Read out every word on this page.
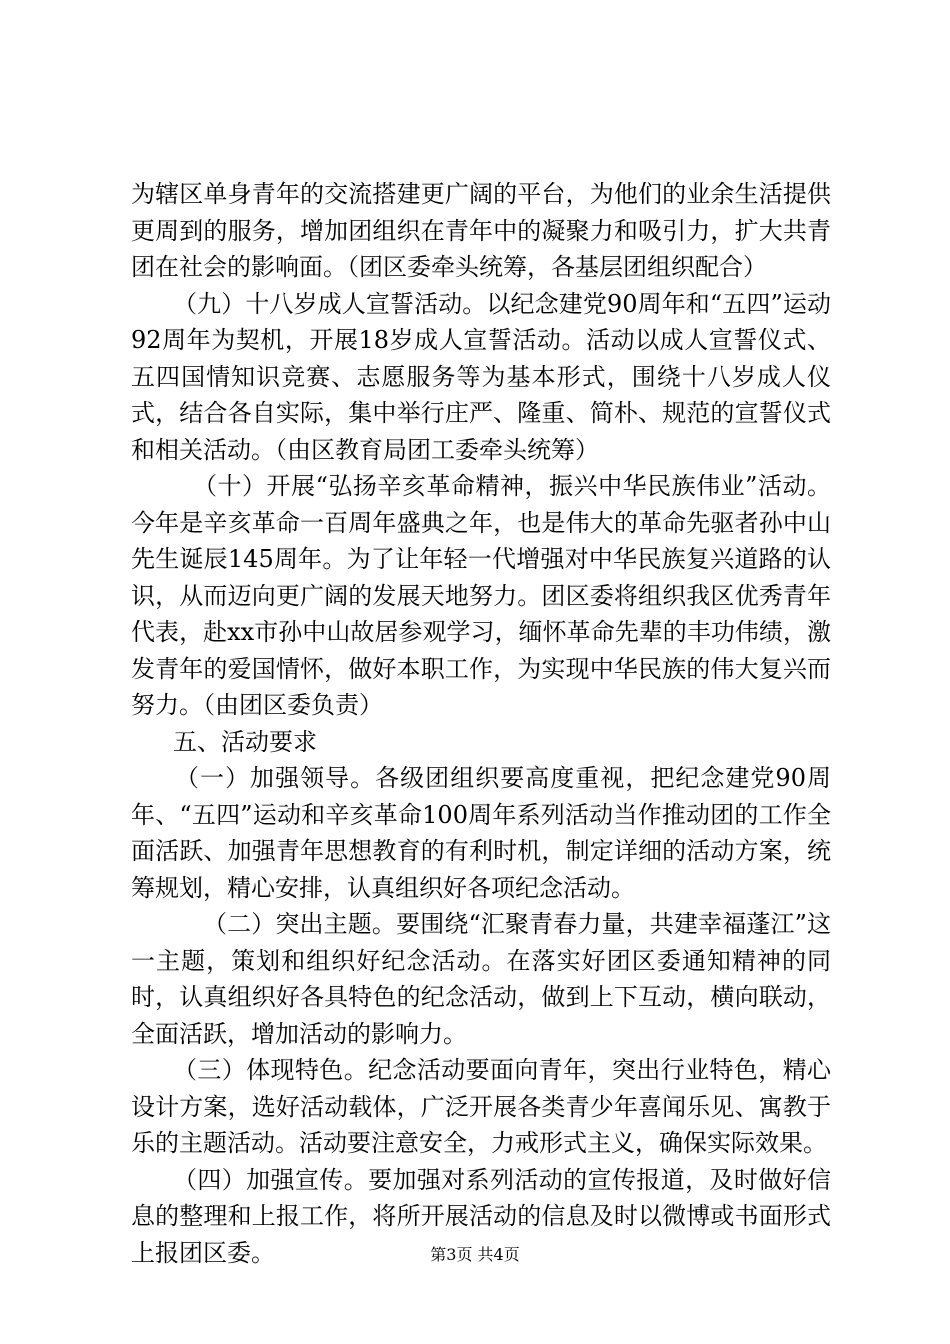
为辖区单身青年的交流搭建更广阔的平台，为他们的业余生活提供更周到的服务，增加团组织在青年中的凝聚力和吸引力，扩大共青团在社会的影响面。（团区委牵头统筹，各基层团组织配合）

（九）十八岁成人宣誓活动。以纪念建党90周年和“五四”运动92周年为契机，开展18岁成人宣誓活动。活动以成人宣誓仪式、五四国情知识竞赛、志愿服务等为基本形式，围绕十八岁成人仪式，结合各自实际，集中举行庄严、隆重、简朴、规范的宣誓仪式和相关活动。（由区教育局团工委牵头统筹）

（十）开展“弘扬辛亥革命精神，振兴中华民族伟业”活动。今年是辛亥革命一百周年盛典之年，也是伟大的革命先驱者孙中山先生诞辰145周年。为了让年轻一代增强对中华民族复兴道路的认识，从而迈向更广阔的发展天地努力。团区委将组织我区优秀青年代表，赴xx市孙中山故居参观学习，缅怀革命先辈的丰功伟绩，激发青年的爱国情怀，做好本职工作，为实现中华民族的伟大复兴而努力。（由团区委负责）

五、活动要求

（一）加强领导。各级团组织要高度重视，把纪念建党90周年、“五四”运动和辛亥革命100周年系列活动当作推动团的工作全面活跃、加强青年思想教育的有利时机，制定详细的活动方案，统筹规划，精心安排，认真组织好各项纪念活动。

（二）突出主题。要围绕“汇聚青春力量，共建幸福蓬江”这一主题，策划和组织好纪念活动。在落实好团区委通知精神的同时，认真组织好各具特色的纪念活动，做到上下互动，横向联动，全面活跃，增加活动的影响力。

（三）体现特色。纪念活动要面向青年，突出行业特色，精心设计方案，选好活动载体，广泛开展各类青少年喜闻乐见、寓教于乐的主题活动。活动要注意安全，力戒形式主义，确保实际效果。

（四）加强宣传。要加强对系列活动的宣传报道，及时做好信息的整理和上报工作，将所开展活动的信息及时以微博或书面形式上报团区委。	第3页 共4页
